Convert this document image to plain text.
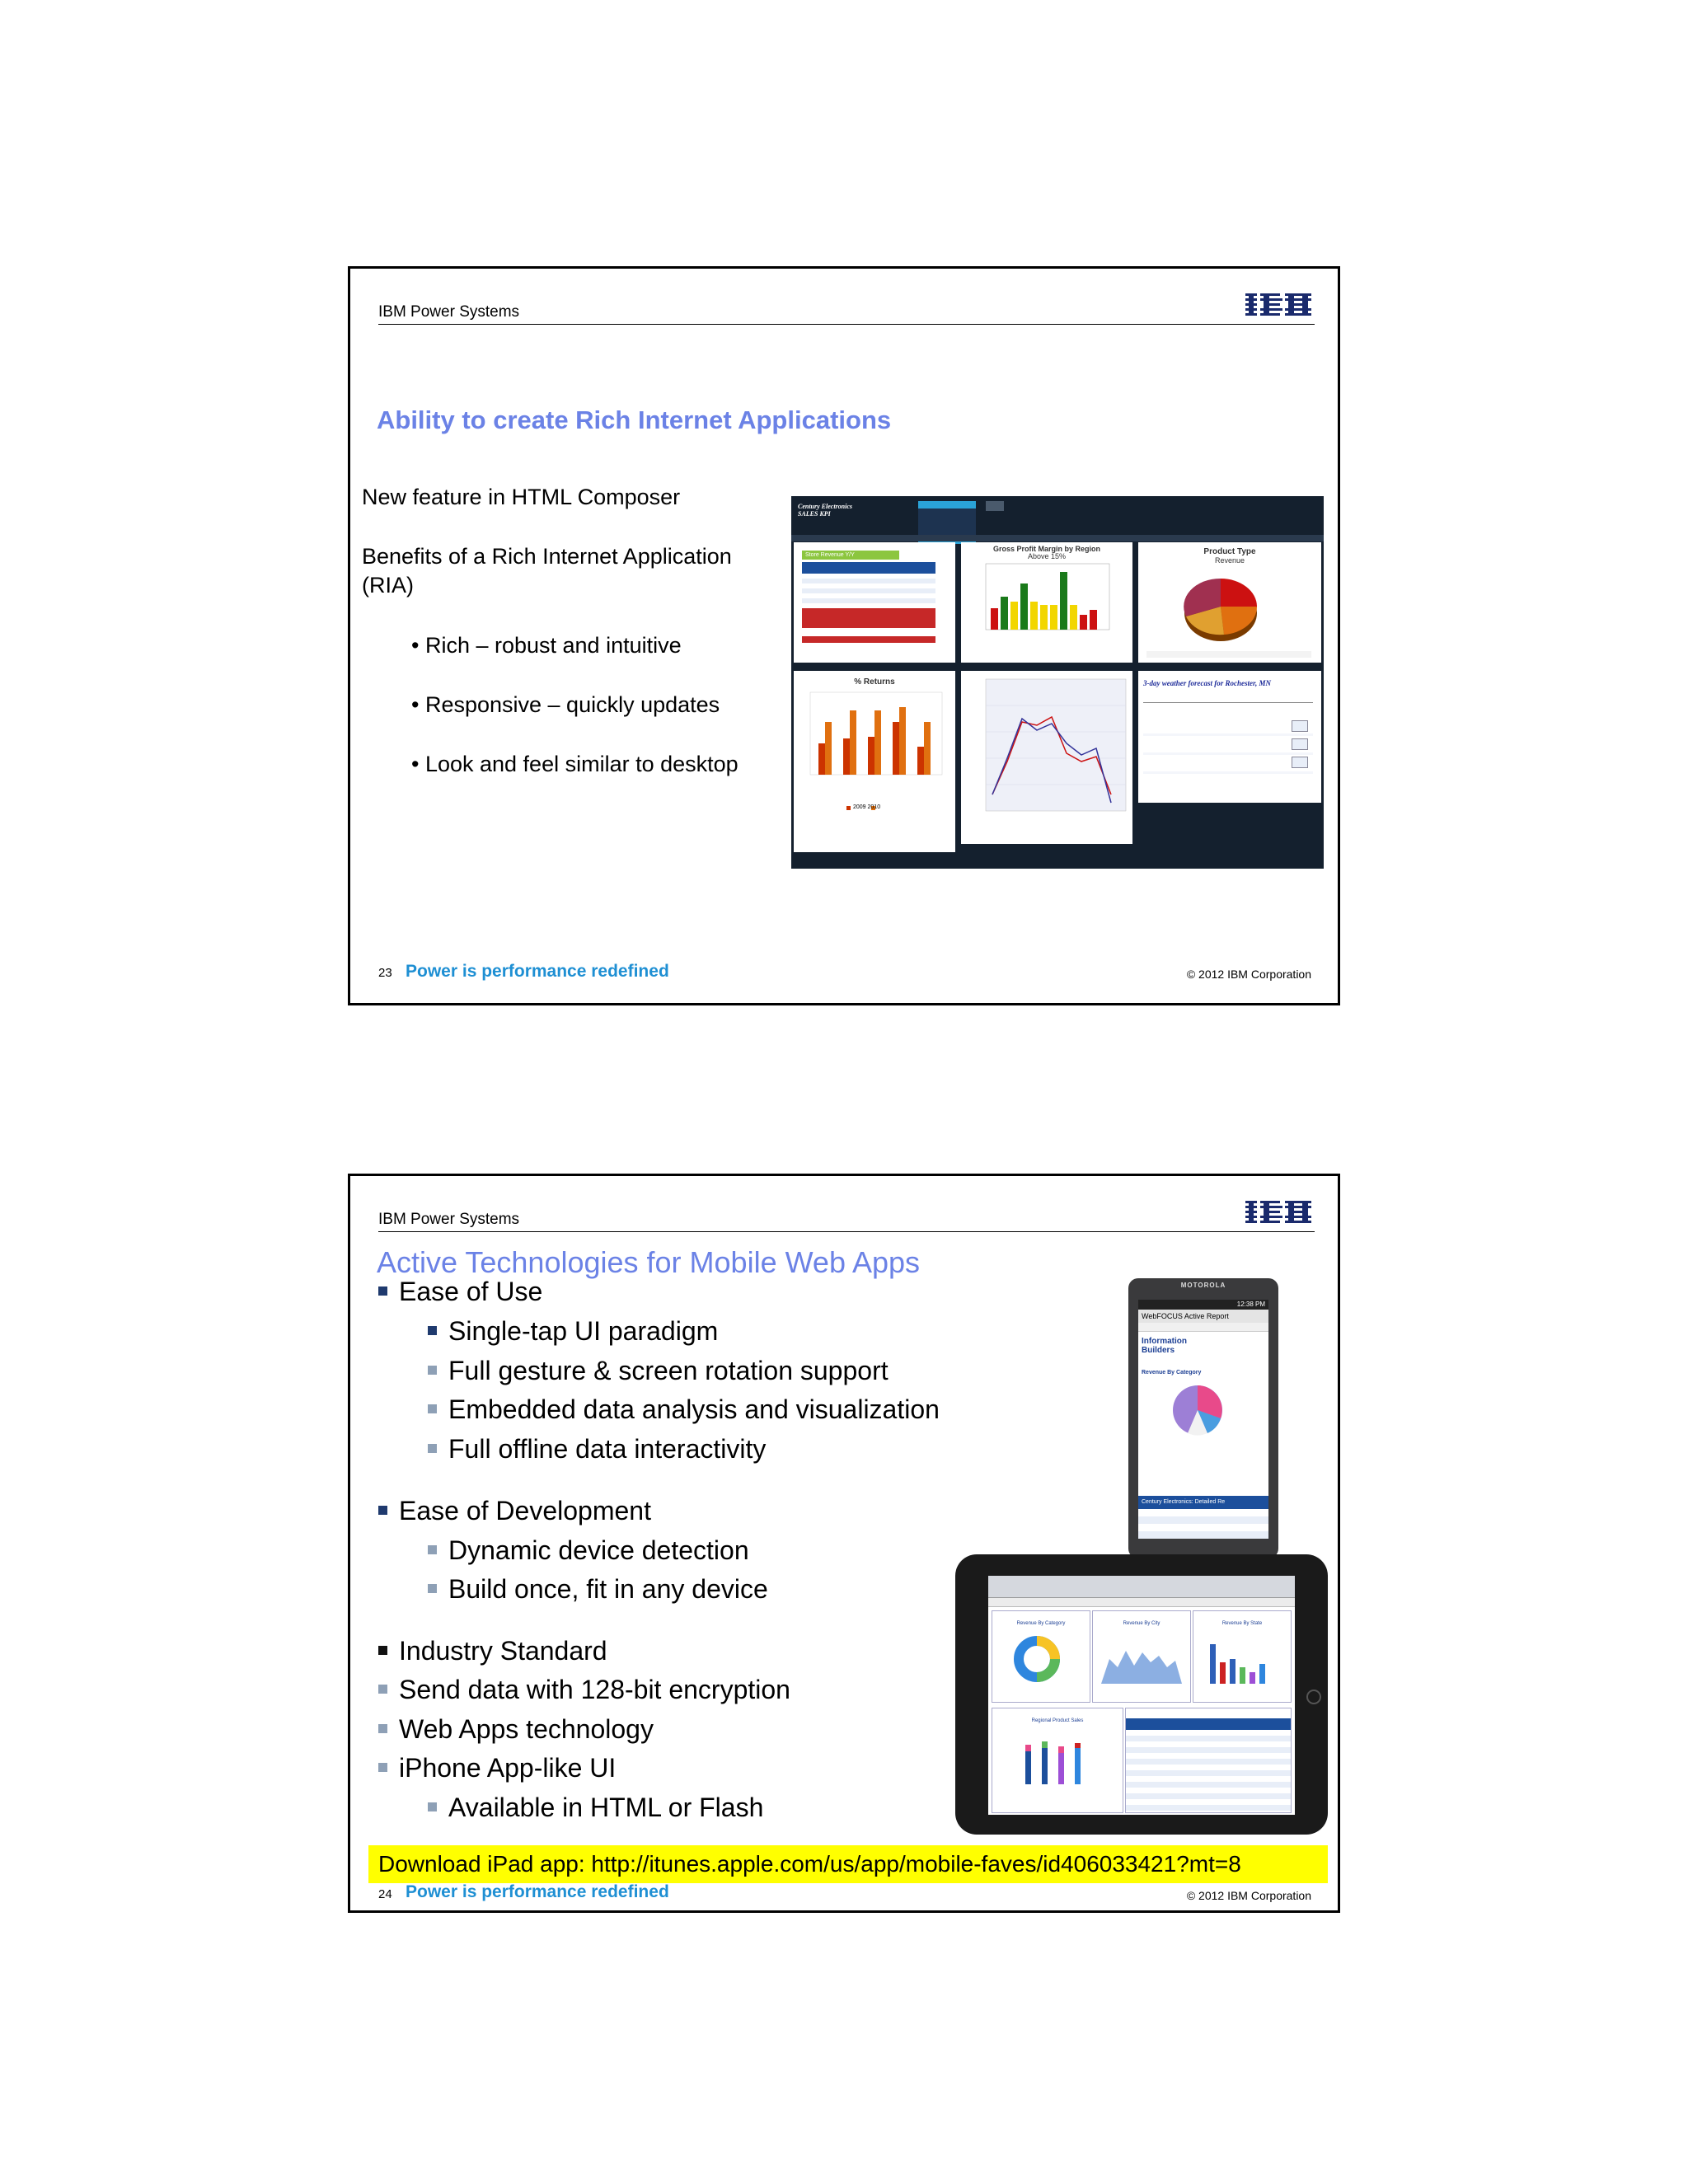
IBM Power Systems
Ability to create Rich Internet Applications
New feature in HTML Composer
Benefits of a Rich Internet Application
(RIA)
• Rich – robust and intuitive
• Responsive – quickly updates
• Look and feel similar to desktop
Century Electronics
SALES KPI
Store Revenue Y/Y
Gross Profit Margin by Region
Above 15%	Product Type
Revenue
% Returns
2009 2010
3-day weather forecast for Rochester, MN
23 Power is performance redefined	© 2012 IBM Corporation
IBM Power Systems
Active Technologies for Mobile Web Apps
Ease of Use
Single-tap UI paradigm
Full gesture & screen rotation support
Embedded data analysis and visualization
Full offline data interactivity
Ease of Development
Dynamic device detection
Build once, fit in any device
Industry Standard
Send data with 128-bit encryption
Web Apps technology
iPhone App-like UI
Available in HTML or Flash
MOTOROLA
12:38 PM
WebFOCUS Active Report
Information Builders
Revenue By Category
Century Electronics: Detailed Re
Revenue By Category	Revenue By City	Revenue By State
Regional Product Sales
Download iPad app: http://itunes.apple.com/us/app/mobile-faves/id406033421?mt=8
24 Power is performance redefined	© 2012 IBM Corporation
